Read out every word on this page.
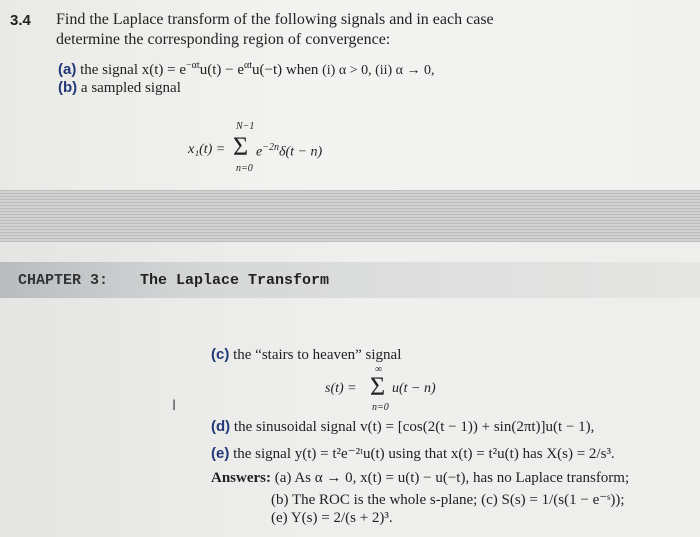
3.4 Find the Laplace transform of the following signals and in each case
determine the corresponding region of convergence:
(a) the signal $x(t) = e^{-\alpha t}u(t) - e^{\alpha t}u(-t)$ when (i) α > 0, (ii) α → 0,
(b) a sampled signal
N−1
x₁(t) = Σ $e^{-2n}\delta(t - n)$
n=0
CHAPTER 3: The Laplace Transform
(c) the “stairs to heaven” signal
∞
s(t) = Σ u(t − n)
n=0
I
(d) the sinusoidal signal v(t) = [cos(2(t − 1)) + sin(2πt)]u(t − 1),
(e) the signal y(t) = t²e⁻²ᵗu(t) using that x(t) = t²u(t) has X(s) = 2/s³.
Answers: (a) As α → 0, x(t) = u(t) − u(−t), has no Laplace transform;
(b) The ROC is the whole s-plane; (c) S(s) = 1/(s(1 − e⁻ˢ));
(e) Y(s) = 2/(s + 2)³.
